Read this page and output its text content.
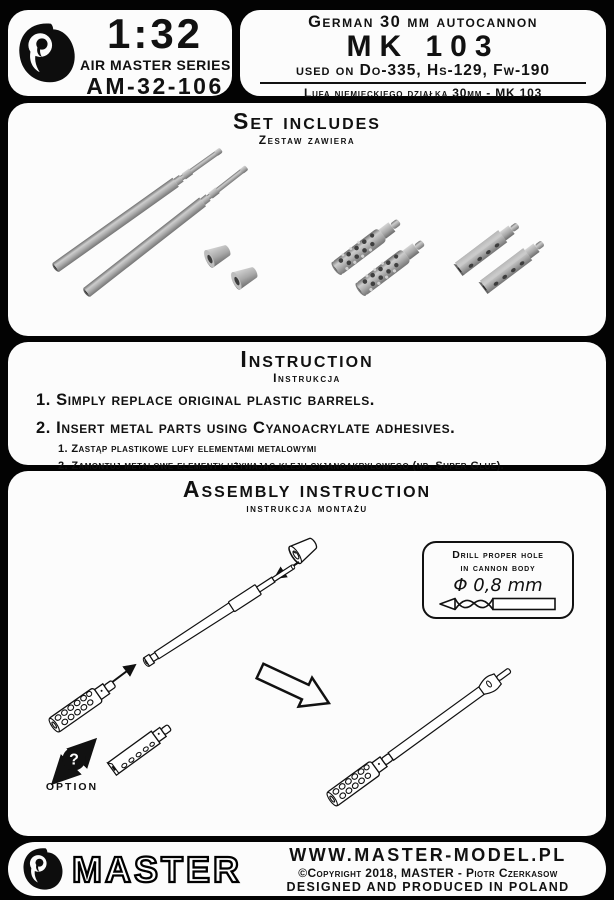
1:32
AIR MASTER SERIES
AM-32-106
German 30 mm autocannon
MK 103
used on Do-335, Hs-129, Fw-190
Lufa niemieckiego działka 30mm - MK 103
Set includes
Zestaw zawiera
Instruction
Instrukcja
1. Simply replace original plastic barrels.
2. Insert metal parts using Cyanoacrylate adhesives.
1. Zastąp plastikowe lufy elementami metalowymi
2. Zamontuj metalowe elementy używając kleju cyjanoakrylowego (np. Super Glue).
?
OPTION
Assembly instruction
instrukcja montażu
Drill proper hole
in cannon body
Φ 0,8 mm
MASTER	WWW.MASTER-MODEL.PL
©Copyright 2018, MASTER - Piotr Czerkasow
DESIGNED AND PRODUCED IN POLAND
